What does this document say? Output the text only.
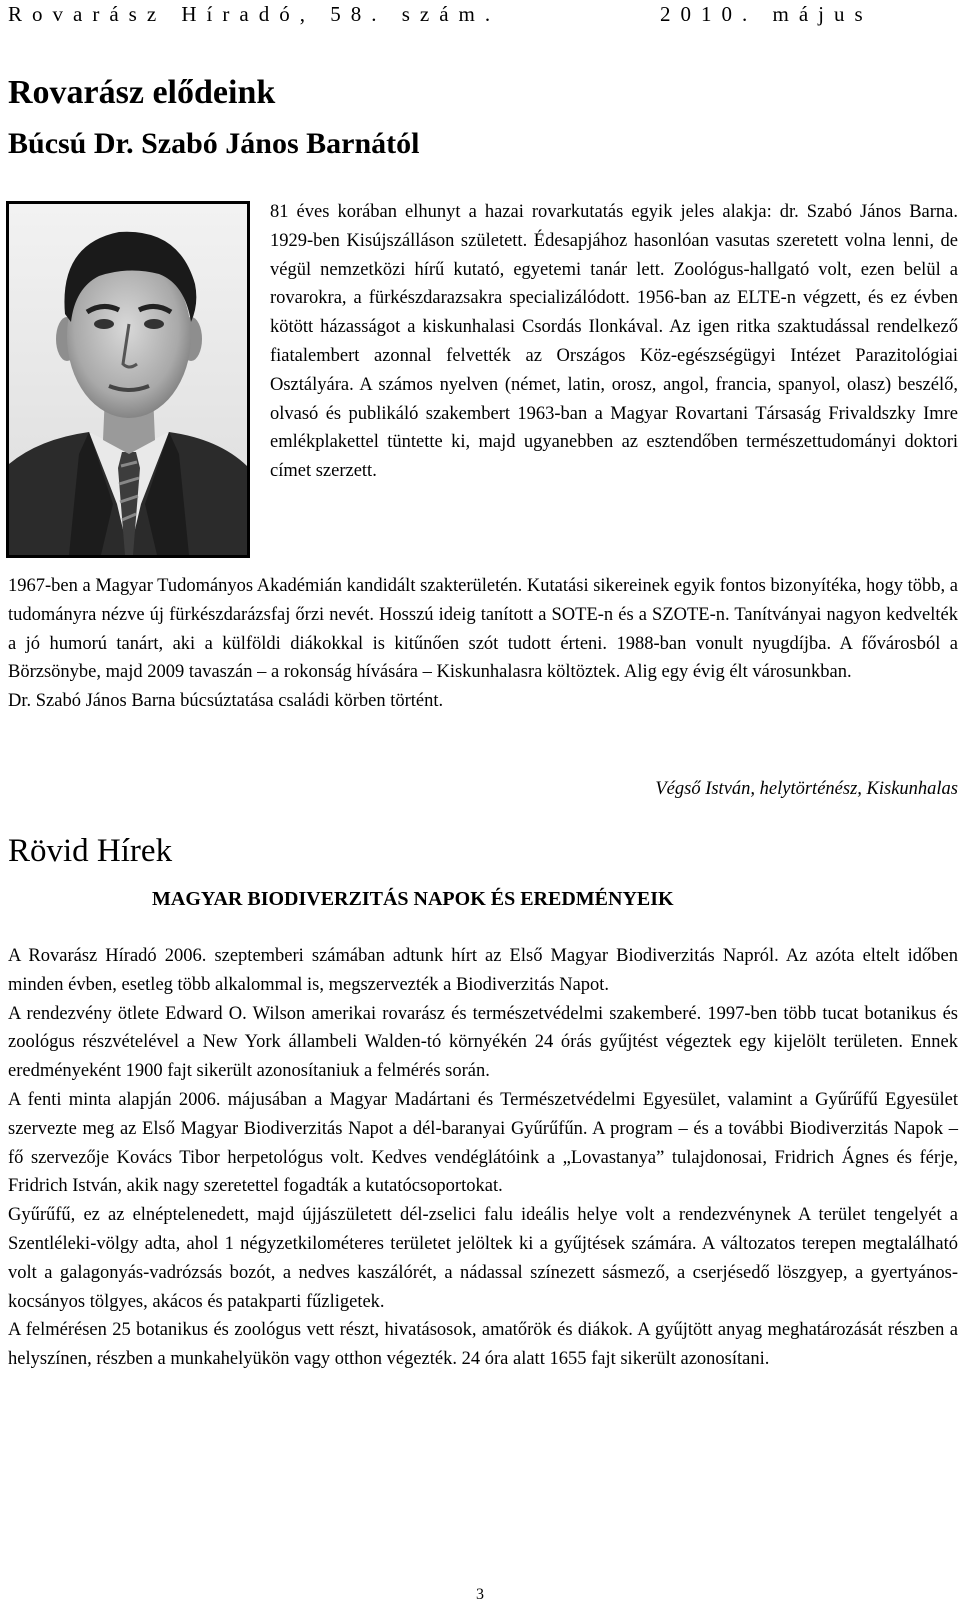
Rovarász Híradó, 58. szám.	2010. május
Rovarász elődeink
Búcsú Dr. Szabó János Barnától

81 éves korában elhunyt a hazai rovarkutatás egyik jeles alakja: dr. Szabó János Barna. 1929-ben Kisújszálláson született. Édesapjához hasonlóan vasutas szeretett volna lenni, de végül nemzetközi hírű kutató, egyetemi tanár lett. Zoológus-hallgató volt, ezen belül a rovarokra, a fürkészdarazsakra specializálódott. 1956-ban az ELTE-n végzett, és ez évben kötött házasságot a kiskunhalasi Csordás Ilonkával. Az igen ritka szaktudással rendelkező fiatalembert azonnal felvették az Országos Köz-egészségügyi Intézet Parazitológiai Osztályára. A számos nyelven (német, latin, orosz, angol, francia, spanyol, olasz) beszélő, olvasó és publikáló szakembert 1963-ban a Magyar Rovartani Társaság Frivaldszky Imre emlékplakettel tüntette ki, majd ugyanebben az esztendőben természettudományi doktori címet szerzett.

1967-ben a Magyar Tudományos Akadémián kandidált szakterületén. Kutatási sikereinek egyik fontos bizonyítéka, hogy több, a tudományra nézve új fürkészdarázsfaj őrzi nevét. Hosszú ideig tanított a SOTE-n és a SZOTE-n. Tanítványai nagyon kedvelték a jó humorú tanárt, aki a külföldi diákokkal is kitűnően szót tudott érteni. 1988-ban vonult nyugdíjba. A fővárosból a Börzsönybe, majd 2009 tavaszán – a rokonság hívására – Kiskunhalasra költöztek. Alig egy évig élt városunkban.

Dr. Szabó János Barna búcsúztatása családi körben történt.

Végső István, helytörténész, Kiskunhalas
Rövid Hírek
MAGYAR BIODIVERZITÁS NAPOK ÉS EREDMÉNYEIK

A Rovarász Híradó 2006. szeptemberi számában adtunk hírt az Első Magyar Biodiverzitás Napról. Az azóta eltelt időben minden évben, esetleg több alkalommal is, megszervezték a Biodiverzitás Napot.

A rendezvény ötlete Edward O. Wilson amerikai rovarász és természetvédelmi szakemberé. 1997-ben több tucat botanikus és zoológus részvételével a New York állambeli Walden-tó környékén 24 órás gyűjtést végeztek egy kijelölt területen. Ennek eredményeként 1900 fajt sikerült azonosítaniuk a felmérés során.

A fenti minta alapján 2006. májusában a Magyar Madártani és Természetvédelmi Egyesület, valamint a Gyűrűfű Egyesület szervezte meg az Első Magyar Biodiverzitás Napot a dél-baranyai Gyűrűfűn. A program – és a további Biodiverzitás Napok – fő szervezője Kovács Tibor herpetológus volt. Kedves vendéglátóink a „Lovastanya” tulajdonosai, Fridrich Ágnes és férje, Fridrich István, akik nagy szeretettel fogadták a kutatócsoportokat.

Gyűrűfű, ez az elnéptelenedett, majd újjászületett dél-zselici falu ideális helye volt a rendezvénynek A terület tengelyét a Szentléleki-völgy adta, ahol 1 négyzetkilométeres területet jelöltek ki a gyűjtések számára. A változatos terepen megtalálható volt a galagonyás-vadrózsás bozót, a nedves kaszálórét, a nádassal színezett sásmező, a cserjésedő löszgyep, a gyertyános-kocsányos tölgyes, akácos és patakparti fűzligetek.

A felmérésen 25 botanikus és zoológus vett részt, hivatásosok, amatőrök és diákok. A gyűjtött anyag meghatározását részben a helyszínen, részben a munkahelyükön vagy otthon végezték. 24 óra alatt 1655 fajt sikerült azonosítani.

3
